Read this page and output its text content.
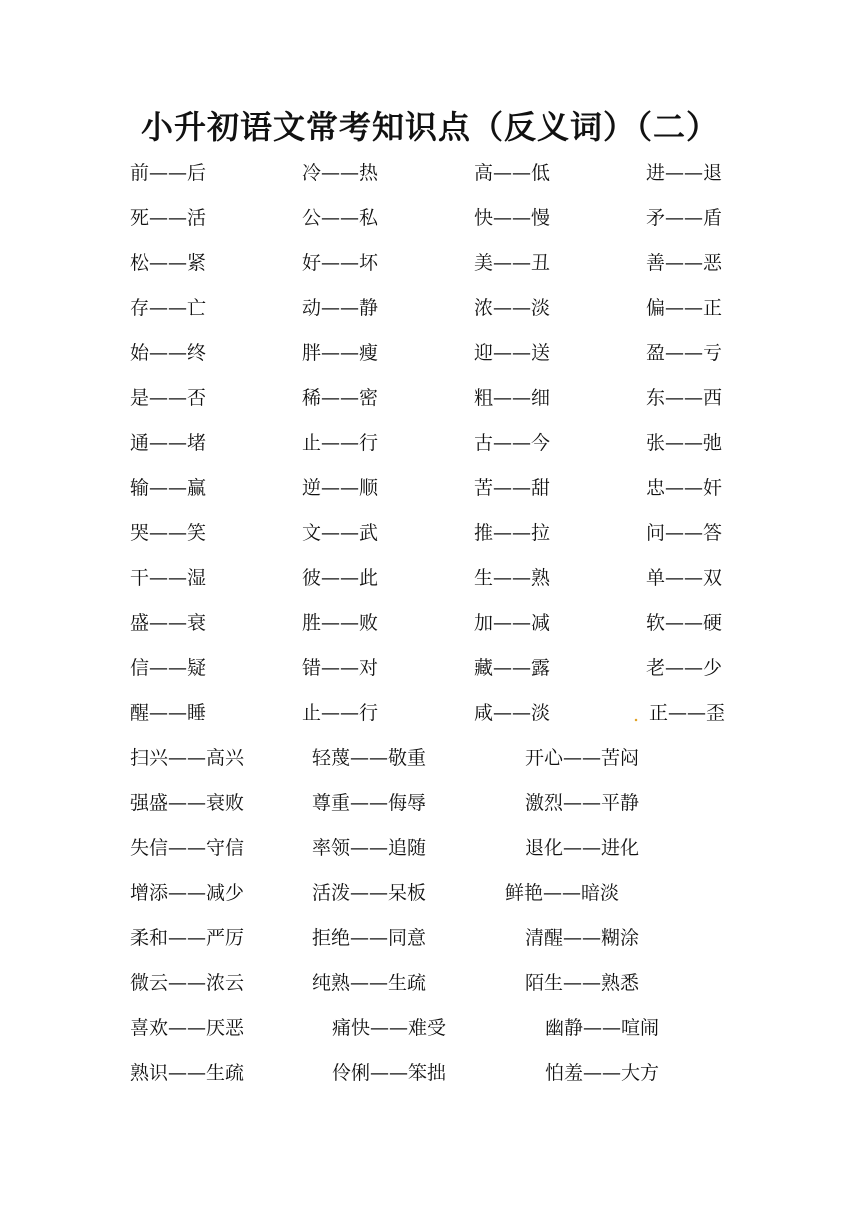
小升初语文常考知识点（反义词）（二）
前——后	冷——热	高——低	进——退
死——活	公——私	快——慢	矛——盾
松——紧	好——坏	美——丑	善——恶
存——亡	动——静	浓——淡	偏——正
始——终	胖——瘦	迎——送	盈——亏
是——否	稀——密	粗——细	东——西
通——堵	止——行	古——今	张——弛
输——赢	逆——顺	苦——甜	忠——奸
哭——笑	文——武	推——拉	问——答
干——湿	彼——此	生——熟	单——双
盛——衰	胜——败	加——减	软——硬
信——疑	错——对	藏——露	老——少
醒——睡	止——行	咸——淡	正——歪
.
扫兴——高兴	轻蔑——敬重	开心——苦闷
强盛——衰败	尊重——侮辱	激烈——平静
失信——守信	率领——追随	退化——进化
增添——减少	活泼——呆板	鲜艳——暗淡
柔和——严厉	拒绝——同意	清醒——糊涂
微云——浓云	纯熟——生疏	陌生——熟悉
喜欢——厌恶	痛快——难受	幽静——喧闹
熟识——生疏	伶俐——笨拙	怕羞——大方
